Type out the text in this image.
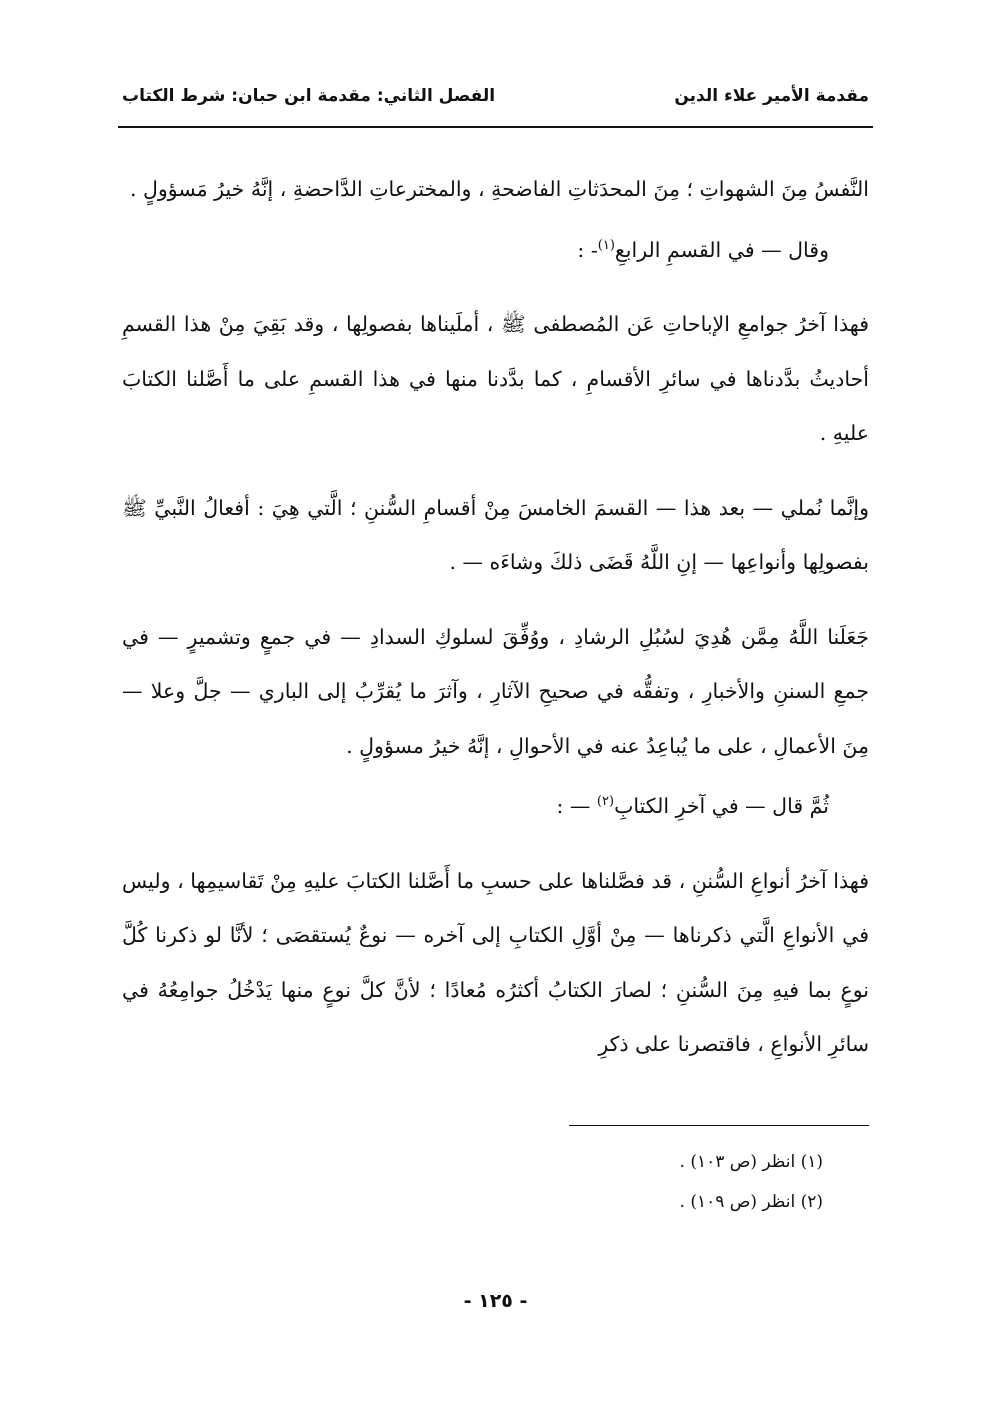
مقدمة الأمير علاء الدين
الفصل الثاني: مقدمة ابن حبان: شرط الكتاب

النَّفسُ مِنَ الشهواتِ ؛ مِنَ المحدَثاتِ الفاضحةِ ، والمخترعاتِ الدَّاحضةِ ، إنَّهُ خيرُ مَسؤولٍ .

وقال — في القسمِ الرابعِ$^{(١)}$- :

فهذا آخرُ جوامعِ الإباحاتِ عَن المُصطفى ﷺ ، أملَيناها بفصولِها ، وقد بَقِيَ مِنْ هذا القسمِ أحاديثُ بدَّدناها في سائرِ الأقسامِ ، كما بدَّدنا منها في هذا القسمِ على ما أَصَّلنا الكتابَ عليهِ .

وإنَّما نُملي — بعد هذا — القسمَ الخامسَ مِنْ أقسامِ السُّننِ ؛ الَّتي هِيَ : أفعالُ النَّبيِّ ﷺ بفصولِها وأنواعِها — إنِ اللَّهُ قَضَى ذلكَ وشاءَه — .

جَعَلَنا اللَّهُ مِمَّن هُدِيَ لسُبُلِ الرشادِ ، ووُفِّقَ لسلوكِ السدادِ — في جمعٍ وتشميرٍ — في جمعِ السننِ والأخبارِ ، وتفقُّه في صحيحِ الآثارِ ، وآثرَ ما يُقرِّبُ إلى الباري — جلَّ وعلا — مِنَ الأعمالِ ، على ما يُباعِدُ عنه في الأحوالِ ، إنَّهُ خيرُ مسؤولٍ .

ثُمَّ قال — في آخرِ الكتابِ$^{(٢)}$ — :

فهذا آخرُ أنواعِ السُّننِ ، قد فصَّلناها على حسبِ ما أَصَّلنا الكتابَ عليهِ مِنْ تَقاسيمِها ، وليس في الأنواعِ الَّتي ذكرناها — مِنْ أوَّلِ الكتابِ إلى آخره — نوعٌ يُستقصَى ؛ لأنَّا لو ذكرنا كُلَّ نوعٍ بما فيهِ مِنَ السُّننِ ؛ لصارَ الكتابُ أكثرُه مُعادًا ؛ لأنَّ كلَّ نوعٍ منها يَدْخُلُ جوامِعُهُ في سائرِ الأنواعِ ، فاقتصرنا على ذكرِ

(١) انظر (ص ١٠٣) .
(٢) انظر (ص ١٠٩) .
- ١٢٥ -
